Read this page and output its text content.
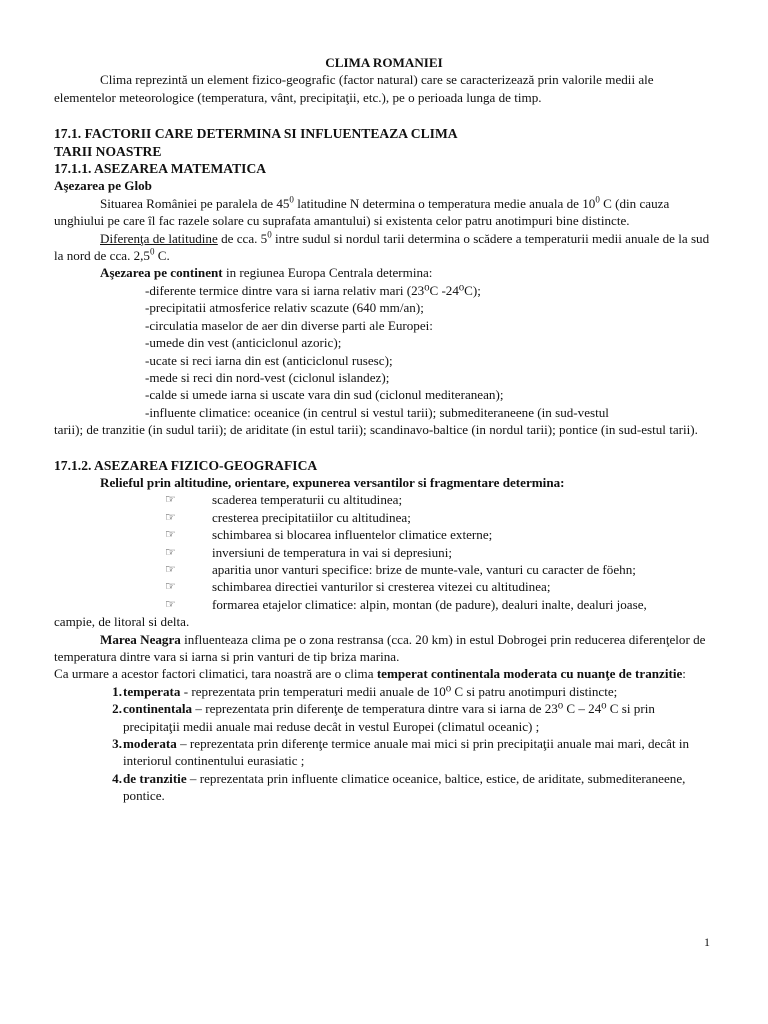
CLIMA ROMANIEI

Clima reprezintă un element fizico-geografic (factor natural) care se caracterizează prin valorile medii ale elementelor meteorologice (temperatura, vânt, precipitaţii, etc.), pe o perioada lunga de timp.

17.1. FACTORII CARE DETERMINA SI INFLUENTEAZA CLIMA

TARII NOASTRE

17.1.1. ASEZAREA MATEMATICA

Aşezarea pe Glob

Situarea României pe paralela de $45^0$ latitudine N determina o temperatura medie anuala de $10^0$ C (din cauza unghiului pe care îl fac razele solare cu suprafata amantului) si existenta celor patru anotimpuri bine distincte.

Diferenţa de latitudine de cca. $5^0$ intre sudul si nordul tarii determina o scădere a temperaturii medii anuale de la sud la nord de cca. $2,5^0$ C.

Aşezarea pe continent in regiunea Europa Centrala determina:

-diferente termice dintre vara si iarna relativ mari (23⁰C -24⁰C);

-precipitatii atmosferice relativ scazute (640 mm/an);

-circulatia maselor de aer din diverse parti ale Europei:

-umede din vest (anticiclonul azoric);

-ucate si reci iarna din est (anticiclonul rusesc);

-mede si reci din nord-vest (ciclonul islandez);

-calde si umede iarna si uscate vara din sud (ciclonul mediteranean);

-influente climatice: oceanice (in centrul si vestul tarii); submediteraneene (in sud-vestul

tarii); de tranzitie (in sudul tarii); de ariditate (in estul tarii); scandinavo-baltice (in nordul tarii); pontice (in sud-estul tarii).

17.1.2. ASEZAREA FIZICO-GEOGRAFICA

Relieful prin altitudine, orientare, expunerea versantilor si fragmentare determina:

☞	scaderea temperaturii cu altitudinea;
☞	cresterea precipitatiilor cu altitudinea;
☞	schimbarea si blocarea influentelor climatice externe;
☞	inversiuni de temperatura in vai si depresiuni;
☞	aparitia unor vanturi specifice: brize de munte-vale, vanturi cu caracter de föehn;
☞	schimbarea directiei vanturilor si cresterea vitezei cu altitudinea;
☞	formarea etajelor climatice: alpin, montan (de padure), dealuri inalte, dealuri joase,

campie, de litoral si delta.

Marea Neagra influenteaza clima pe o zona restransa (cca. 20 km) in estul Dobrogei prin reducerea diferenţelor de temperatura dintre vara si iarna si prin vanturi de tip briza marina.

Ca urmare a acestor factori climatici, tara noastră are o clima temperat continentala moderata cu nuanţe de tranzitie:

1. temperata - reprezentata prin temperaturi medii anuale de 10⁰ C si patru anotimpuri distincte;
2. continentala – reprezentata prin diferenţe de temperatura dintre vara si iarna de 23⁰ C – 24⁰ C si prin precipitaţii medii anuale mai reduse decât in vestul Europei (climatul oceanic) ;
3. moderata – reprezentata prin diferenţe termice anuale mai mici si prin precipitaţii anuale mai mari, decât in interiorul continentului eurasiatic ;
4. de tranzitie – reprezentata prin influente climatice oceanice, baltice, estice, de ariditate, submediteraneene, pontice.
1
